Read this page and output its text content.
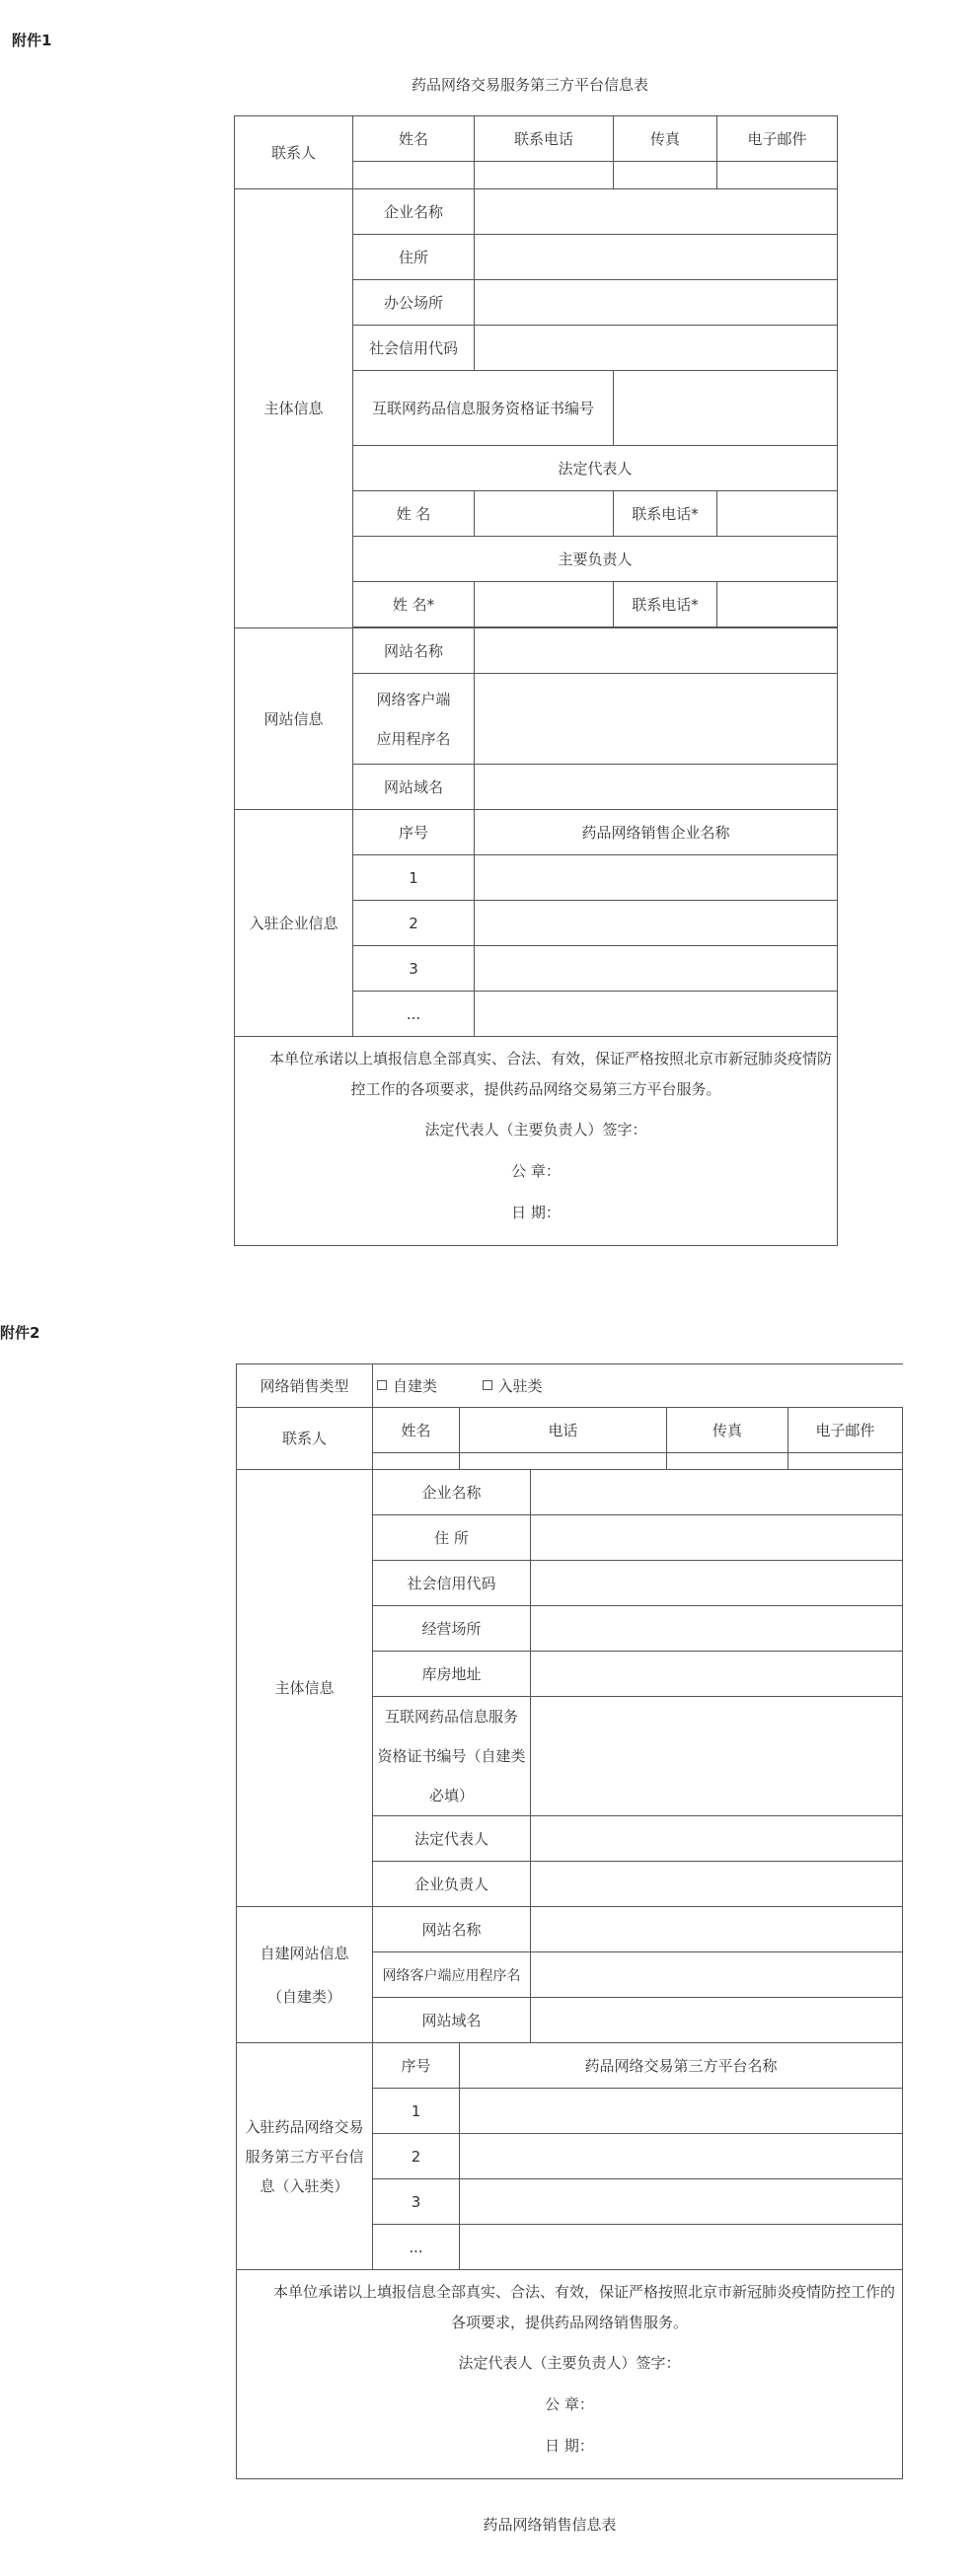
附件1
药品网络交易服务第三方平台信息表
联系人	姓名	联系电话	传真	电子邮件

主体信息	企业名称			
	住所			
	办公场所			
	社会信用代码			
	互联网药品信息服务资格证书编号			
	法定代表人			
	姓 名		联系电话*	
	主要负责人			
	姓 名*		联系电话*	

网站信息	网站名称			

	网络客户端
应用程序名			

	网站域名			
入驻企业信息	序号	药品网络销售企业名称		
	1			
	2			
	3			
	...			

本单位承诺以上填报信息全部真实、合法、有效，保证严格按照北京市新冠肺炎疫情防控工作的各项要求，提供药品网络交易第三方平台服务。
法定代表人（主要负责人）签字：
公 章：
日 期：				
附件2
网络销售类型	自建类 入驻类				
联系人	姓名	电话		传真	电子邮件

主体信息	企业名称				
	住 所				
	社会信用代码				
	经营场所				
	库房地址				

	互联网药品信息服务
资格证书编号（自建类
必填）				

	法定代表人				
	企业负责人				

自建网站信息
（自建类）	网站名称				
	网络客户端应用程序名				
	网站域名				
入驻药品网络交易服务第三方平台信息（入驻类）	序号	药品网络交易第三方平台名称			
	1				
	2				
	3				
	...				

本单位承诺以上填报信息全部真实、合法、有效，保证严格按照北京市新冠肺炎疫情防控工作的各项要求，提供药品网络销售服务。
法定代表人（主要负责人）签字：
公 章：
日 期：					
药品网络销售信息表
